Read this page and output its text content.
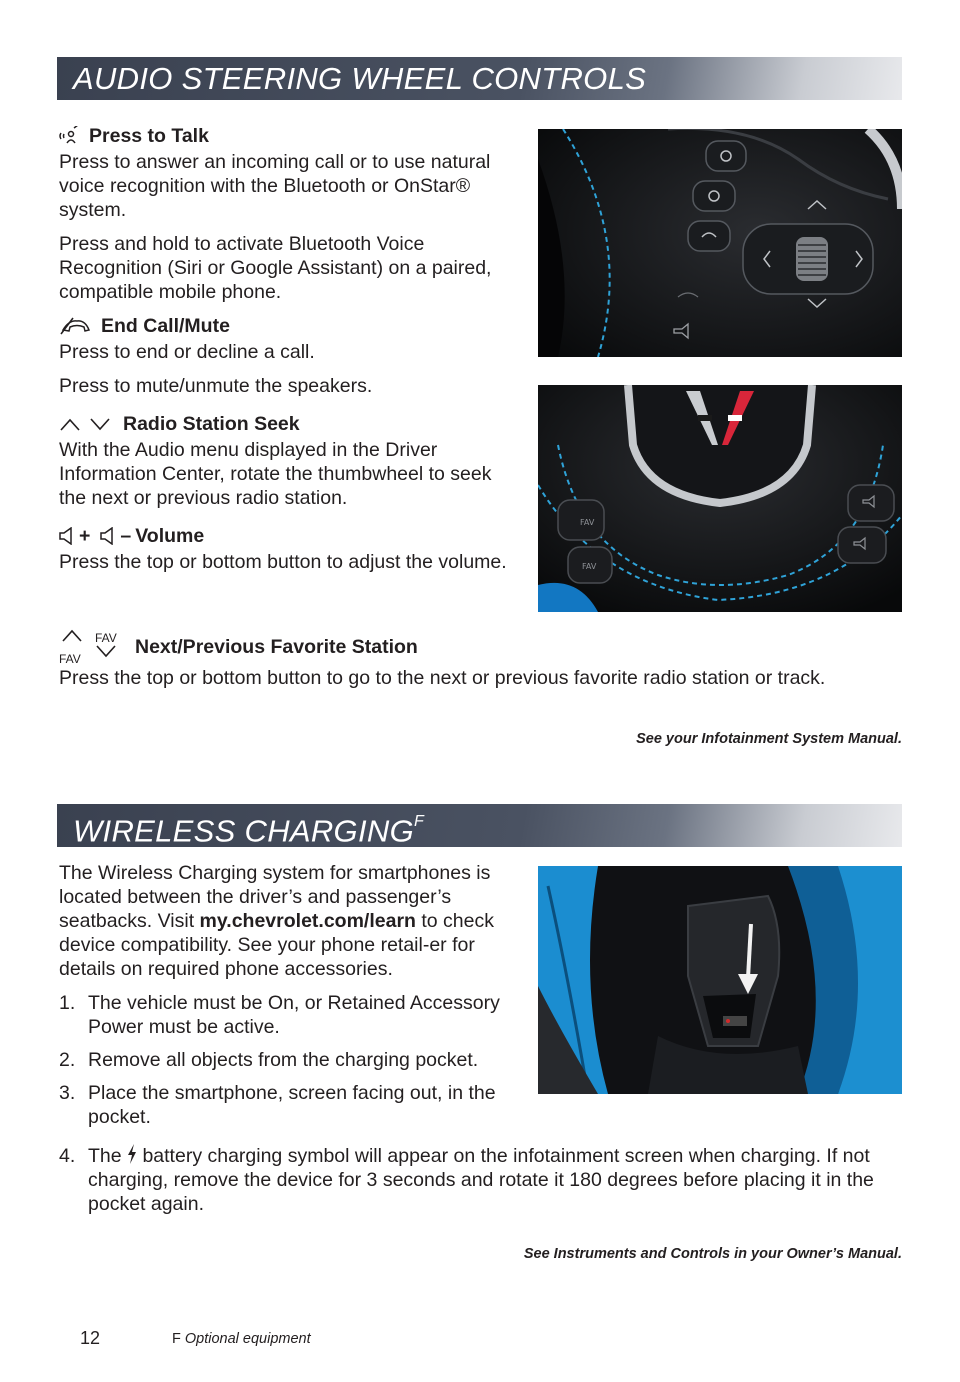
AUDIO STEERING WHEEL CONTROLS
Press to Talk

Press to answer an incoming call or to use natural voice recognition with the Bluetooth or OnStar® system.

Press and hold to activate Bluetooth Voice Recognition (Siri or Google Assistant) on a paired, compatible mobile phone.

End Call/Mute

Press to end or decline a call.

Press to mute/unmute the speakers.

Radio Station Seek

With the Audio menu displayed in the Driver Information Center, rotate the thumbwheel to seek the next or previous radio station.

+ – Volume

Press the top or bottom button to adjust the volume.

FAV
FAV Next/Previous Favorite Station

Press the top or bottom button to go to the next or previous favorite radio station or track.

See your Infotainment System Manual.
FAV
FAV
WIRELESS $CHARGING^F$

The Wireless Charging system for smartphones is located between the driver’s and passenger’s seatbacks. Visit my.chevrolet.com/learn to check device compatibility. See your phone retail-er for details on required phone accessories.

1. The vehicle must be On, or Retained Accessory Power must be active.
2. Remove all objects from the charging pocket.
3. Place the smartphone, screen facing out, in the pocket.
4. The
battery charging symbol will appear on the infotainment screen when charging. If not charging, remove the device for 3 seconds and rotate it 180 degrees before placing it in the pocket again.
See Instruments and Controls in your Owner’s Manual.
12	F Optional equipment
